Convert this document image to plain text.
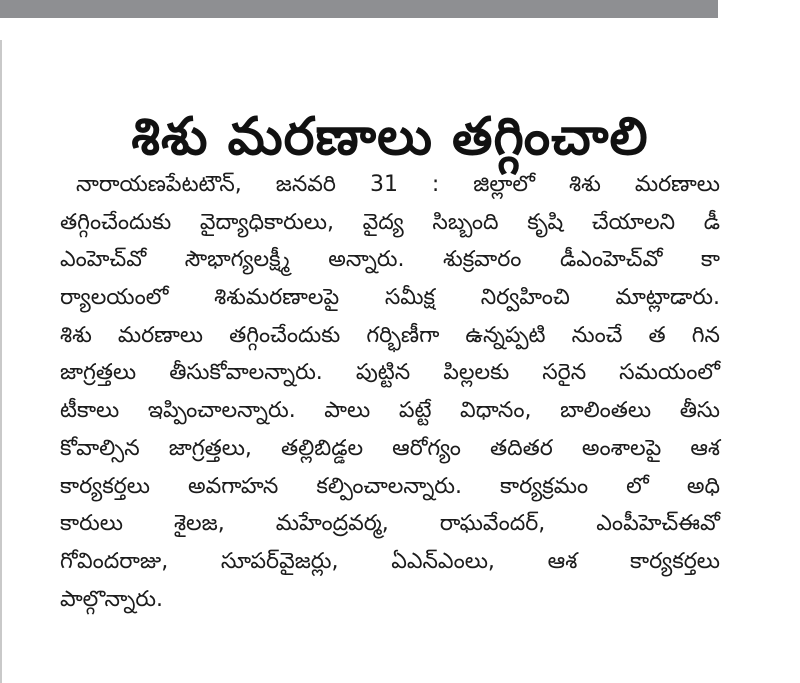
శిశు మరణాలు తగ్గించాలి
నారాయణపేటటౌన్, జనవరి 31 : జిల్లాలో శిశు మరణాలు
తగ్గించేందుకు వైద్యాధికారులు, వైద్య సిబ్బంది కృషి చేయాలని డీ
ఎంహెచ్‌వో సౌభాగ్యలక్ష్మీ అన్నారు. శుక్రవారం డీఎంహెచ్‌వో కా
ర్యాలయంలో శిశుమరణాలపై సమీక్ష నిర్వహించి మాట్లాడారు.
శిశు మరణాలు తగ్గించేందుకు గర్భిణీగా ఉన్నప్పటి నుంచే త గిన
జాగ్రత్తలు తీసుకోవాలన్నారు. పుట్టిన పిల్లలకు సరైన సమయంలో
టీకాలు ఇప్పించాలన్నారు. పాలు పట్టే విధానం, బాలింతలు తీసు
కోవాల్సిన జాగ్రత్తలు, తల్లిబిడ్డల ఆరోగ్యం తదితర అంశాలపై ఆశ
కార్యకర్తలు అవగాహన కల్పించాలన్నారు. కార్యక్రమం లో అధి
కారులు శైలజ, మహేంద్రవర్మ, రాఘవేందర్, ఎంపీహెచ్‌ఈవో
గోవిందరాజు, సూపర్‌వైజర్లు, ఏఎన్‌ఎంలు, ఆశ కార్యకర్తలు
పాల్గొన్నారు.
